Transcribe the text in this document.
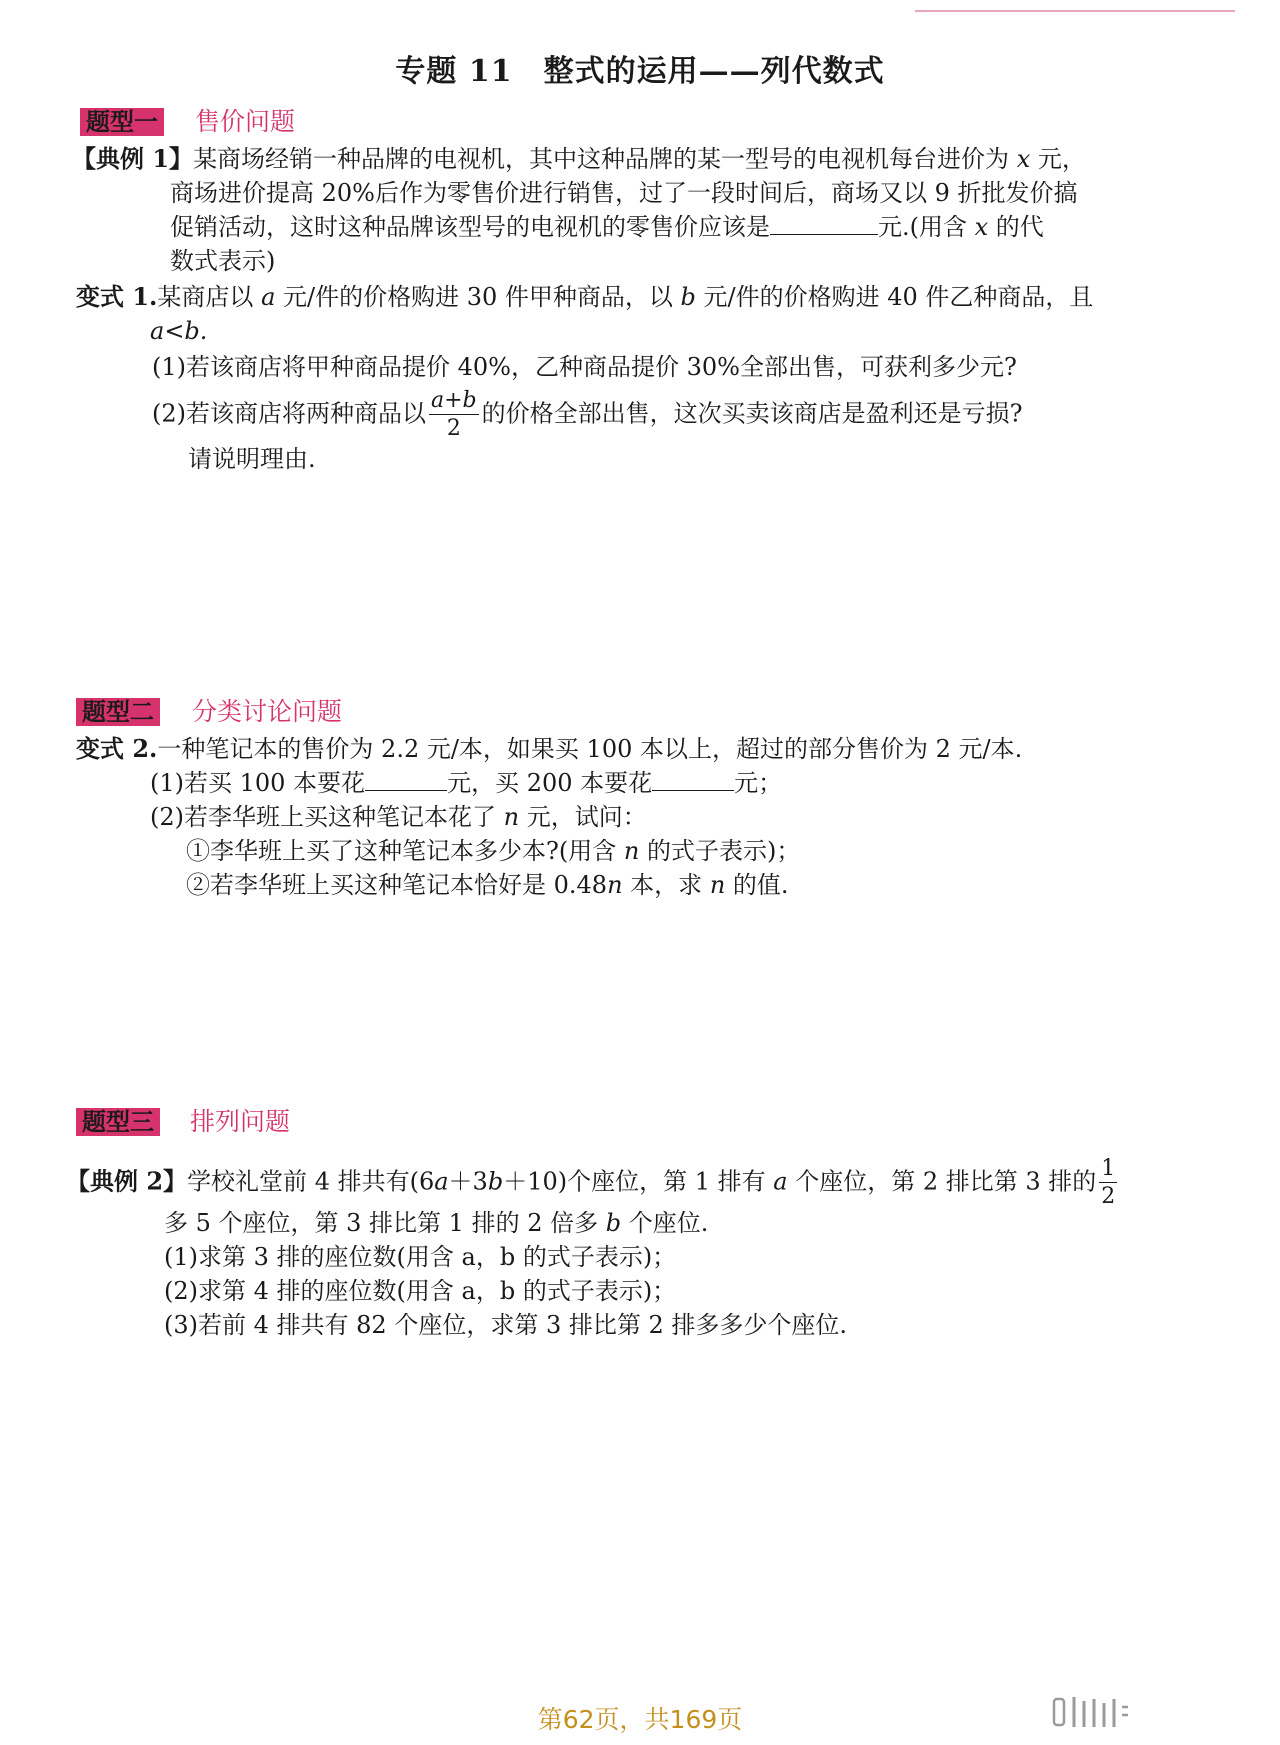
专题 11　整式的运用——列代数式
题型一 售价问题
【典例 1】某商场经销一种品牌的电视机，其中这种品牌的某一型号的电视机每台进价为 x 元，
商场进价提高 20%后作为零售价进行销售，过了一段时间后，商场又以 9 折批发价搞
促销活动，这时这种品牌该型号的电视机的零售价应该是	元.(用含 x 的代
数式表示)
变式 1.某商店以 a 元/件的价格购进 30 件甲种商品，以 b 元/件的价格购进 40 件乙种商品，且
a<b.
(1)若该商店将甲种商品提价 40%，乙种商品提价 30%全部出售，可获利多少元?
(2)若该商店将两种商品以 $\frac{a+b}{2}$ 的价格全部出售，这次买卖该商店是盈利还是亏损?
请说明理由.
题型二 分类讨论问题
变式 2.一种笔记本的售价为 2.2 元/本，如果买 100 本以上，超过的部分售价为 2 元/本.
(1)若买 100 本要花	元，买 200 本要花	元；
(2)若李华班上买这种笔记本花了 n 元，试问：
①李华班上买了这种笔记本多少本?(用含 n 的式子表示)；
②若李华班上买这种笔记本恰好是 0.48n 本，求 n 的值.
题型三 排列问题
【典例 2】学校礼堂前 4 排共有(6a＋3b＋10)个座位，第 1 排有 a 个座位，第 2 排比第 3 排的 $\frac{1}{2}$
多 5 个座位，第 3 排比第 1 排的 2 倍多 b 个座位.
(1)求第 3 排的座位数(用含 a，b 的式子表示)；
(2)求第 4 排的座位数(用含 a，b 的式子表示)；
(3)若前 4 排共有 82 个座位，求第 3 排比第 2 排多多少个座位.
第62页，共169页
